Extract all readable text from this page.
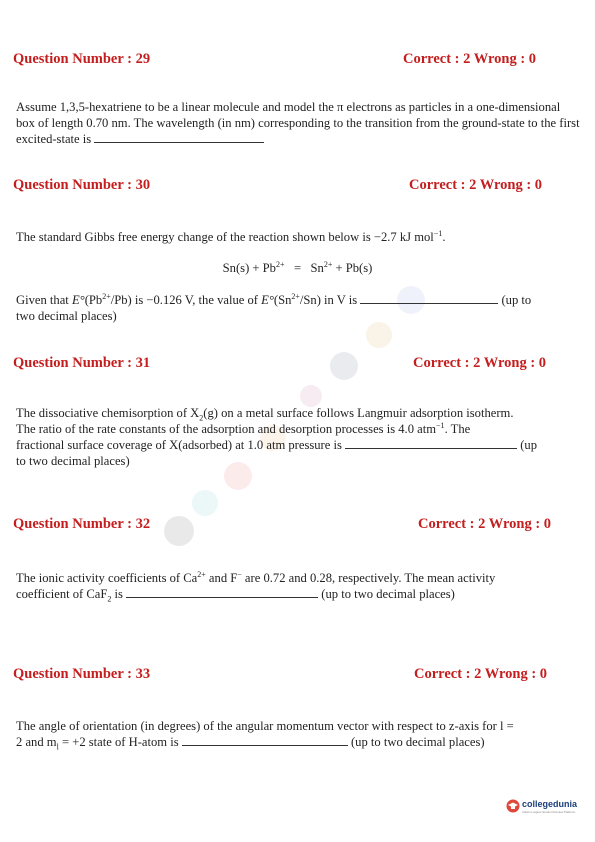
Question Number : 29	Correct : 2 Wrong : 0
Assume 1,3,5-hexatriene to be a linear molecule and model the π electrons as particles in a one-dimensional box of length 0.70 nm. The wavelength (in nm) corresponding to the transition from the ground-state to the first excited-state is
Question Number : 30	Correct : 2 Wrong : 0
The standard Gibbs free energy change of the reaction shown below is −2.7 kJ mol$^{-1}$.
$Sn(s) + Pb^{2+} = Sn^{2+} + Pb(s)$
Given that $E^\circ(Pb^{2+}/Pb)$ is −0.126 V, the value of $E^\circ(Sn^{2+}/Sn)$ in V is	(up to
two decimal places)
Question Number : 31	Correct : 2 Wrong : 0
The dissociative chemisorption of $X_2(g)$ on a metal surface follows Langmuir adsorption isotherm.
The ratio of the rate constants of the adsorption and desorption processes is 4.0 atm$^{-1}$. The
fractional surface coverage of X(adsorbed) at 1.0 atm pressure is	(up
to two decimal places)
Question Number : 32	Correct : 2 Wrong : 0
The ionic activity coefficients of $Ca^{2+}$ and F− are 0.72 and 0.28, respectively. The mean activity
coefficient of CaF$_2$ is	(up to two decimal places)
Question Number : 33	Correct : 2 Wrong : 0
The angle of orientation (in degrees) of the angular momentum vector with respect to z-axis for l =
2 and $m_l = +2$ state of H-atom is	(up to two decimal places)
collegedunia
India's Largest Student Review Platform
